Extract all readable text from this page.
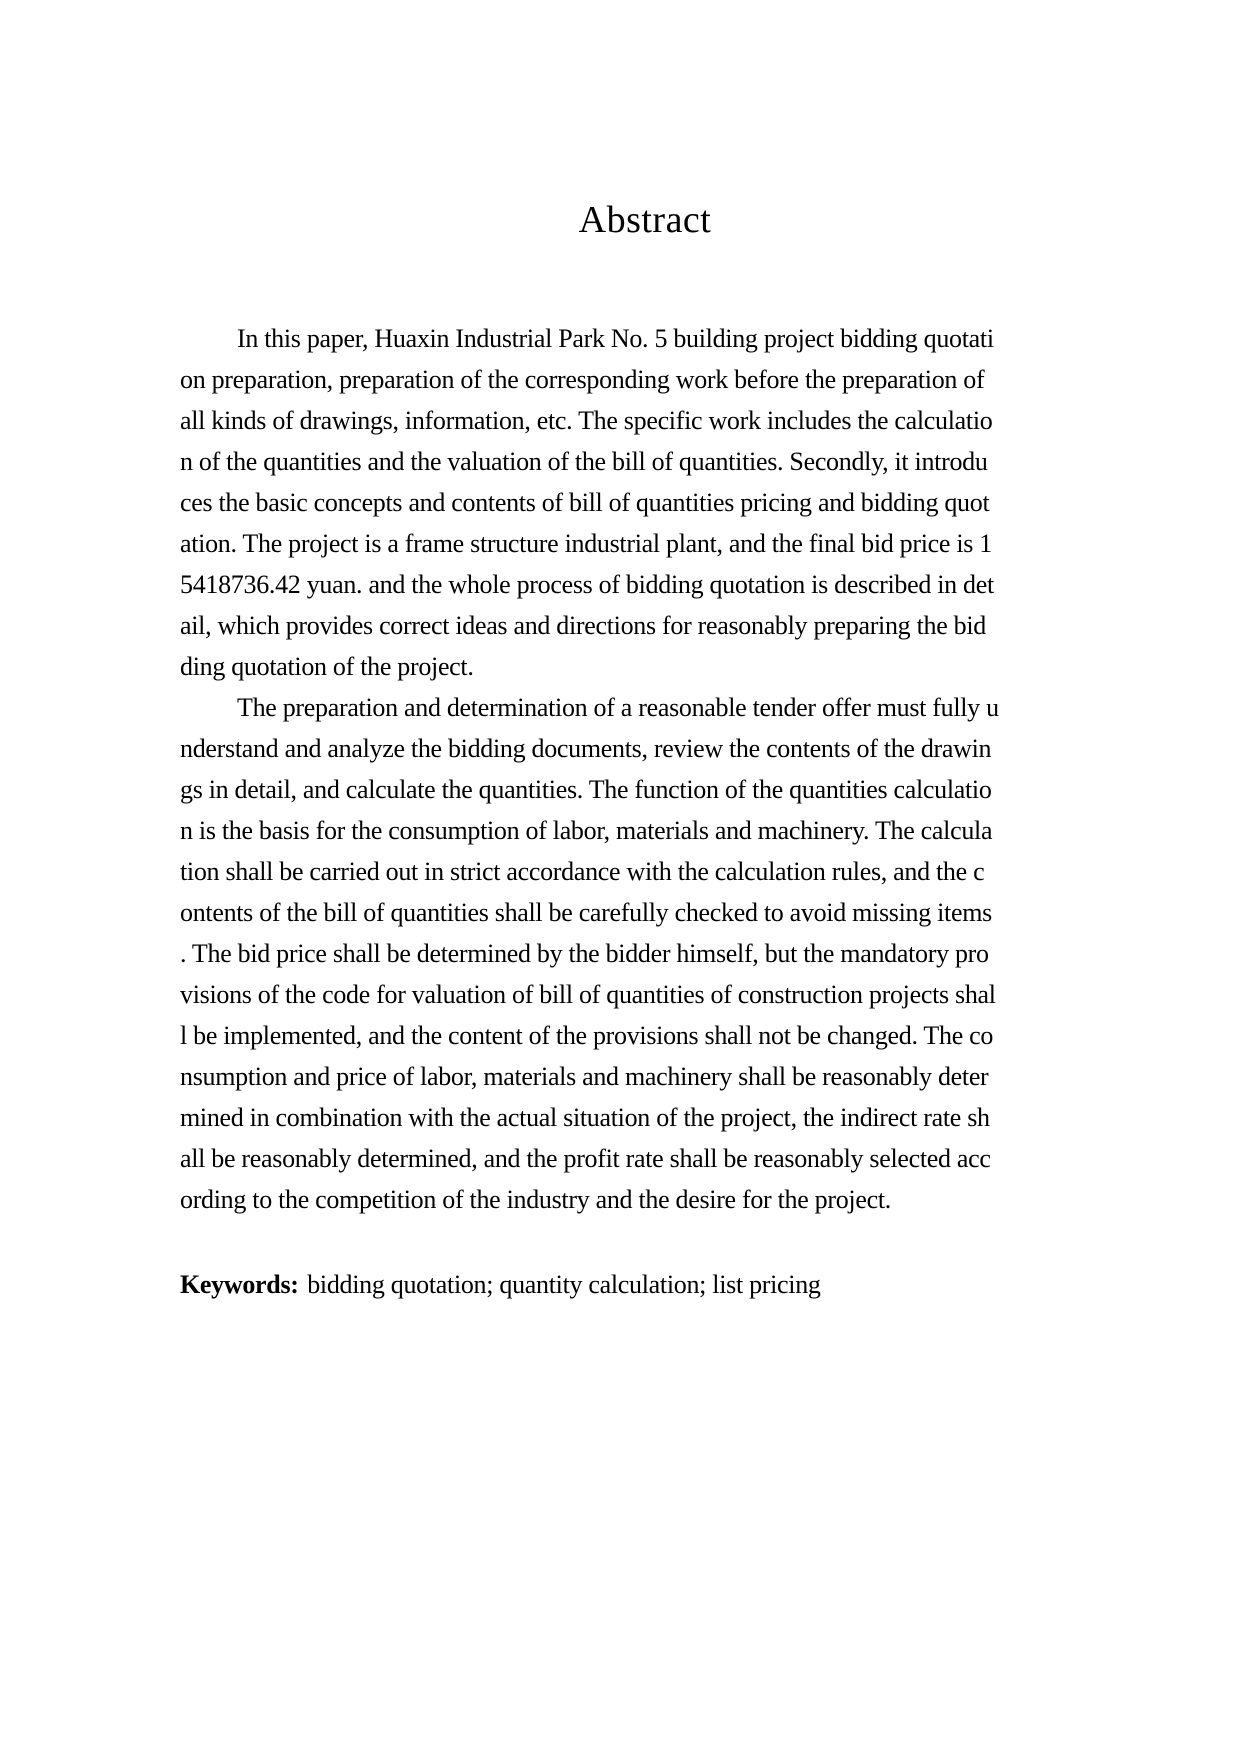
Abstract
In this paper, Huaxin Industrial Park No. 5 building project bidding quotati
on preparation, preparation of the corresponding work before the preparation of
all kinds of drawings, information, etc. The specific work includes the calculatio
n of the quantities and the valuation of the bill of quantities. Secondly, it introdu
ces the basic concepts and contents of bill of quantities pricing and bidding quot
ation. The project is a frame structure industrial plant, and the final bid price is 1
5418736.42 yuan. and the whole process of bidding quotation is described in det
ail, which provides correct ideas and directions for reasonably preparing the bid
ding quotation of the project.
The preparation and determination of a reasonable tender offer must fully u
nderstand and analyze the bidding documents, review the contents of the drawin
gs in detail, and calculate the quantities. The function of the quantities calculatio
n is the basis for the consumption of labor, materials and machinery. The calcula
tion shall be carried out in strict accordance with the calculation rules, and the c
ontents of the bill of quantities shall be carefully checked to avoid missing items
. The bid price shall be determined by the bidder himself, but the mandatory pro
visions of the code for valuation of bill of quantities of construction projects shal
l be implemented, and the content of the provisions shall not be changed. The co
nsumption and price of labor, materials and machinery shall be reasonably deter
mined in combination with the actual situation of the project, the indirect rate sh
all be reasonably determined, and the profit rate shall be reasonably selected acc
ording to the competition of the industry and the desire for the project.
Keywords: bidding quotation; quantity calculation; list pricing
